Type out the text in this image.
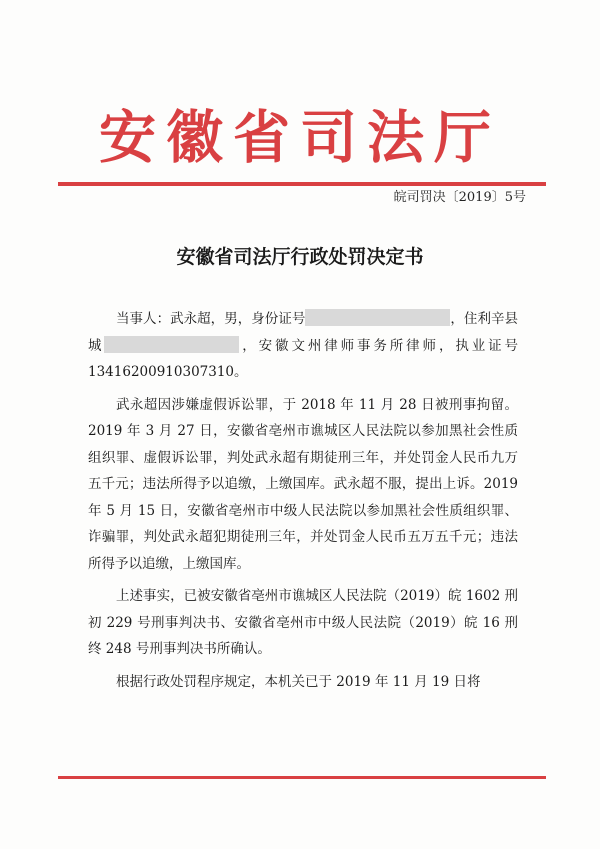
安徽省司法厅
皖司罚决〔2019〕5号
安徽省司法厅行政处罚决定书

当事人：武永超，男，身份证号	，住利辛县城	，安徽文州律师事务所律师，执业证号 13416200910307310。

武永超因涉嫌虚假诉讼罪，于 2018 年 11 月 28 日被刑事拘留。2019 年 3 月 27 日，安徽省亳州市谯城区人民法院以参加黑社会性质组织罪、虚假诉讼罪，判处武永超有期徒刑三年，并处罚金人民币九万五千元；违法所得予以追缴，上缴国库。武永超不服，提出上诉。2019 年 5 月 15 日，安徽省亳州市中级人民法院以参加黑社会性质组织罪、诈骗罪，判处武永超犯期徒刑三年，并处罚金人民币五万五千元；违法所得予以追缴，上缴国库。

上述事实，已被安徽省亳州市谯城区人民法院（2019）皖 1602 刑初 229 号刑事判决书、安徽省亳州市中级人民法院（2019）皖 16 刑终 248 号刑事判决书所确认。

根据行政处罚程序规定，本机关已于 2019 年 11 月 19 日将
